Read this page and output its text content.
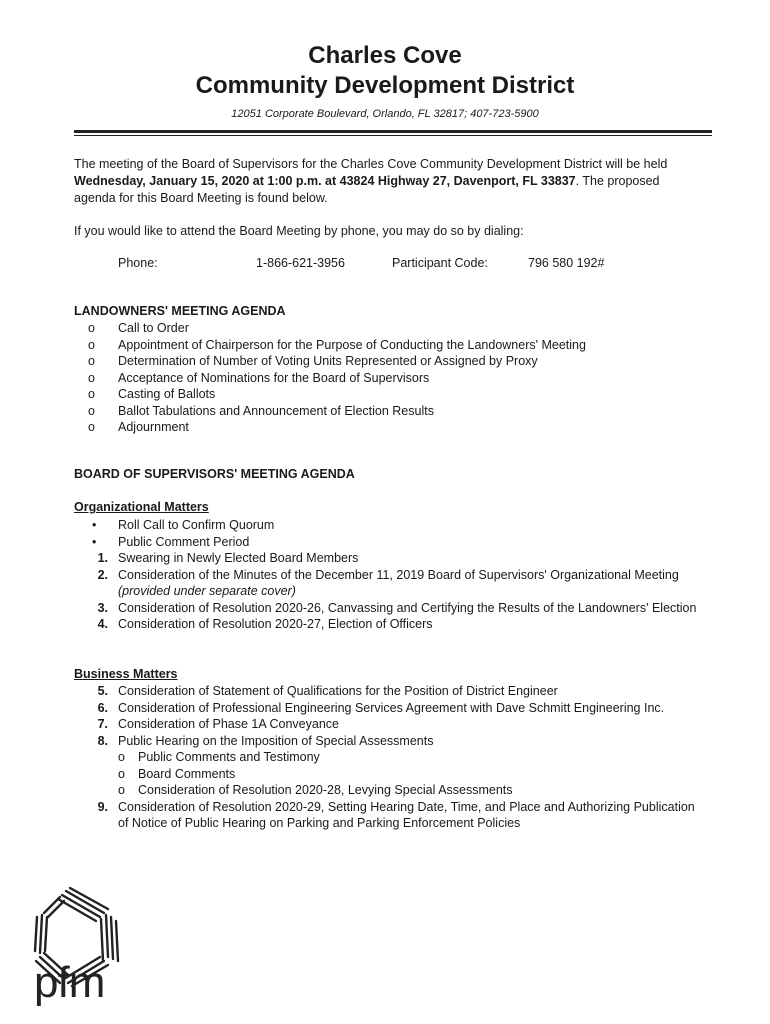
Charles Cove
Community Development District
12051 Corporate Boulevard, Orlando, FL 32817; 407-723-5900
The meeting of the Board of Supervisors for the Charles Cove Community Development District will be held Wednesday, January 15, 2020 at 1:00 p.m. at 43824 Highway 27, Davenport, FL 33837. The proposed agenda for this Board Meeting is found below.
If you would like to attend the Board Meeting by phone, you may do so by dialing:
Phone:	1-866-621-3956	Participant Code:	796 580 192#
LANDOWNERS' MEETING AGENDA
o	Call to Order
o	Appointment of Chairperson for the Purpose of Conducting the Landowners' Meeting
o	Determination of Number of Voting Units Represented or Assigned by Proxy
o	Acceptance of Nominations for the Board of Supervisors
o	Casting of Ballots
o	Ballot Tabulations and Announcement of Election Results
o	Adjournment
BOARD OF SUPERVISORS' MEETING AGENDA
Organizational Matters
•	Roll Call to Confirm Quorum
•	Public Comment Period
1. Swearing in Newly Elected Board Members
2. Consideration of the Minutes of the December 11, 2019 Board of Supervisors' Organizational Meeting (provided under separate cover)
3. Consideration of Resolution 2020-26, Canvassing and Certifying the Results of the Landowners' Election
4. Consideration of Resolution 2020-27, Election of Officers
Business Matters
5. Consideration of Statement of Qualifications for the Position of District Engineer
6. Consideration of Professional Engineering Services Agreement with Dave Schmitt Engineering Inc.
7. Consideration of Phase 1A Conveyance
8. Public Hearing on the Imposition of Special Assessments
o	Public Comments and Testimony
o	Board Comments
o	Consideration of Resolution 2020-28, Levying Special Assessments
9. Consideration of Resolution 2020-29, Setting Hearing Date, Time, and Place and Authorizing Publication of Notice of Public Hearing on Parking and Parking Enforcement Policies
pfm
